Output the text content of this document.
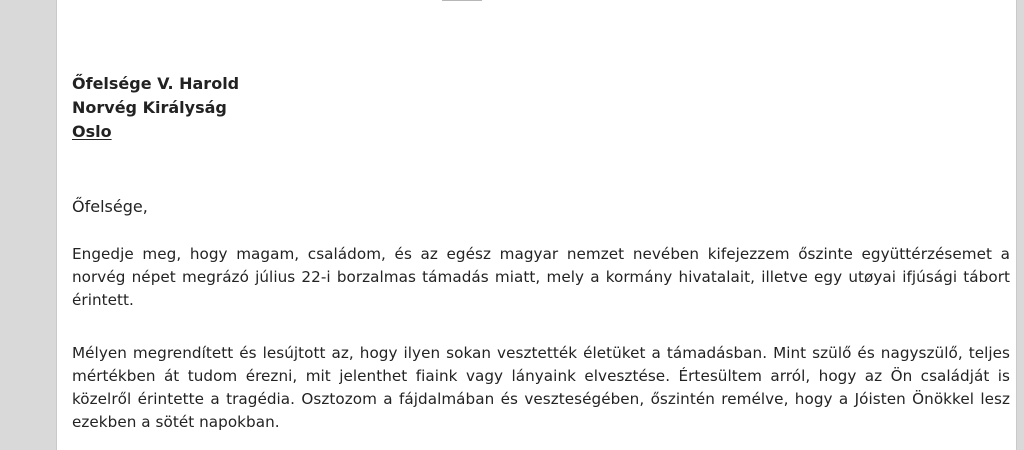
Őfelsége V. Harold
Norvég Királyság
Oslo
Őfelsége,
Engedje meg, hogy magam, családom, és az egész magyar nemzet nevében kifejezzem őszinte együttérzésemet a norvég népet megrázó július 22-i borzalmas támadás miatt, mely a kormány hivatalait, illetve egy utøyai ifjúsági tábort érintett.
Mélyen megrendített és lesújtott az, hogy ilyen sokan vesztették életüket a támadásban. Mint szülő és nagyszülő, teljes mértékben át tudom érezni, mit jelenthet fiaink vagy lányaink elvesztése. Értesültem arról, hogy az Ön családját is közelről érintette a tragédia. Osztozom a fájdalmában és veszteségében, őszintén remélve, hogy a Jóisten Önökkel lesz ezekben a sötét napokban.
